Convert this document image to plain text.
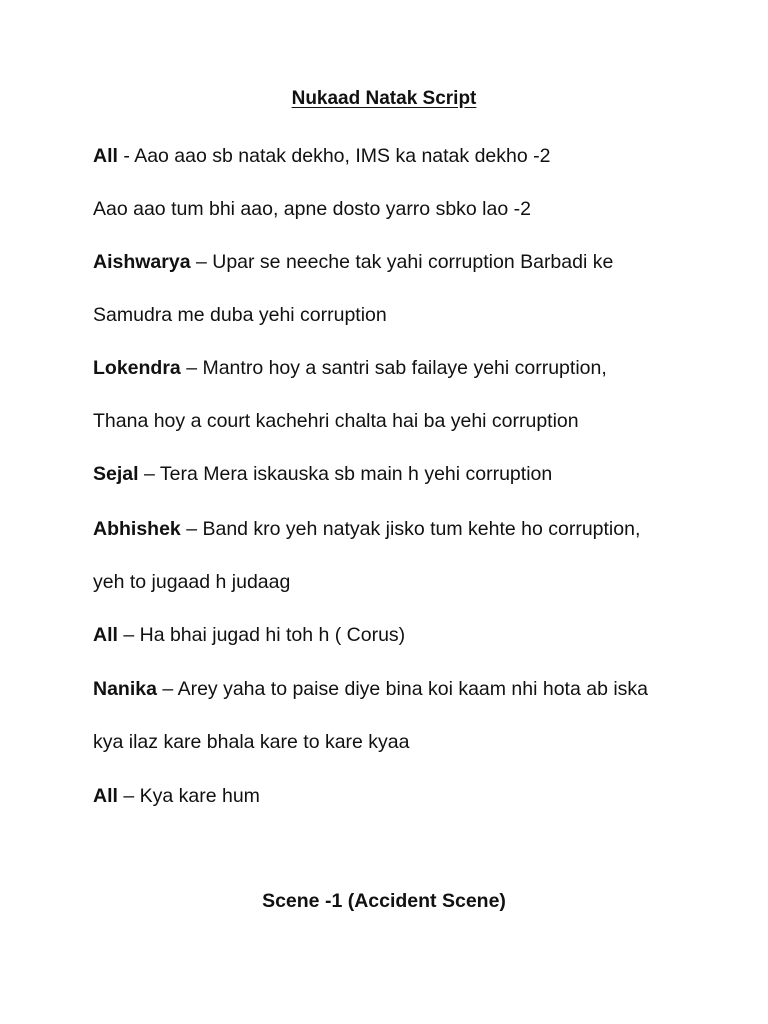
Nukaad Natak Script
All - Aao aao sb natak dekho, IMS ka natak dekho -2
Aao aao tum bhi aao, apne dosto yarro sbko lao -2
Aishwarya – Upar se neeche tak yahi corruption Barbadi ke
Samudra me duba yehi corruption
Lokendra – Mantro hoy a santri sab failaye yehi corruption,
Thana hoy a court kachehri chalta hai ba yehi corruption
Sejal – Tera Mera iskauska sb main h yehi corruption
Abhishek – Band kro yeh natyak jisko tum kehte ho corruption,
yeh to jugaad h judaag
All – Ha bhai jugad hi toh h ( Corus)
Nanika – Arey yaha to paise diye bina koi kaam nhi hota ab iska
kya ilaz kare bhala kare to kare kyaa
All – Kya kare hum
Scene -1 (Accident Scene)
